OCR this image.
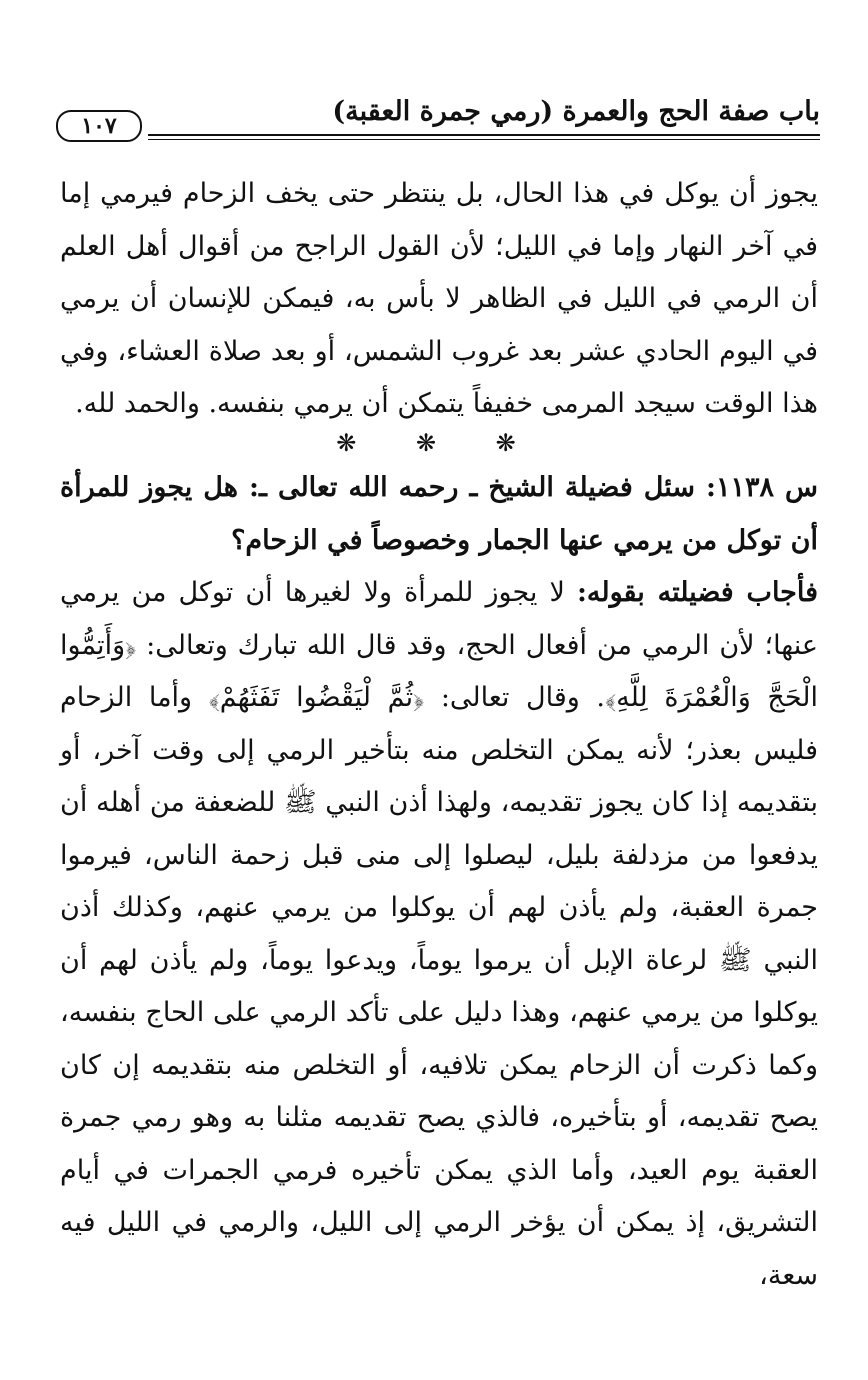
باب صفة الحج والعمرة (رمي جمرة العقبة)
١٠٧

يجوز أن يوكل في هذا الحال، بل ينتظر حتى يخف الزحام فيرمي إما في آخر النهار وإما في الليل؛ لأن القول الراجح من أقوال أهل العلم أن الرمي في الليل في الظاهر لا بأس به، فيمكن للإنسان أن يرمي في اليوم الحادي عشر بعد غروب الشمس، أو بعد صلاة العشاء، وفي هذا الوقت سيجد المرمى خفيفاً يتمكن أن يرمي بنفسه. والحمد لله.

❋ ❋ ❋

س ١١٣٨: سئل فضيلة الشيخ ـ رحمه الله تعالى ـ: هل يجوز للمرأة أن توكل من يرمي عنها الجمار وخصوصاً في الزحام؟

فأجاب فضيلته بقوله: لا يجوز للمرأة ولا لغيرها أن توكل من يرمي عنها؛ لأن الرمي من أفعال الحج، وقد قال الله تبارك وتعالى: ﴿وَأَتِمُّوا الْحَجَّ وَالْعُمْرَةَ لِلَّهِ﴾. وقال تعالى: ﴿ثُمَّ لْيَقْضُوا تَفَثَهُمْ﴾ وأما الزحام فليس بعذر؛ لأنه يمكن التخلص منه بتأخير الرمي إلى وقت آخر، أو بتقديمه إذا كان يجوز تقديمه، ولهذا أذن النبي ﷺ للضعفة من أهله أن يدفعوا من مزدلفة بليل، ليصلوا إلى منى قبل زحمة الناس، فيرموا جمرة العقبة، ولم يأذن لهم أن يوكلوا من يرمي عنهم، وكذلك أذن النبي ﷺ لرعاة الإبل أن يرموا يوماً، ويدعوا يوماً، ولم يأذن لهم أن يوكلوا من يرمي عنهم، وهذا دليل على تأكد الرمي على الحاج بنفسه، وكما ذكرت أن الزحام يمكن تلافيه، أو التخلص منه بتقديمه إن كان يصح تقديمه، أو بتأخيره، فالذي يصح تقديمه مثلنا به وهو رمي جمرة العقبة يوم العيد، وأما الذي يمكن تأخيره فرمي الجمرات في أيام التشريق، إذ يمكن أن يؤخر الرمي إلى الليل، والرمي في الليل فيه سعة،
